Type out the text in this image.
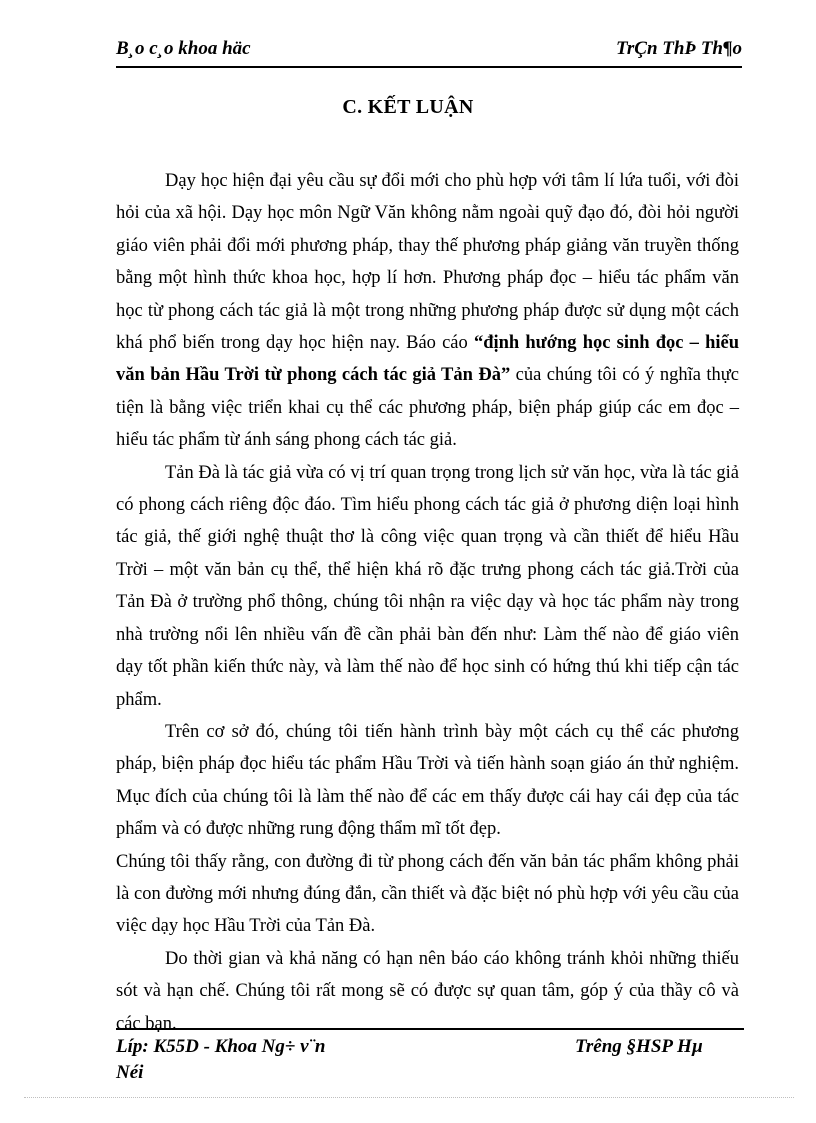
B¸o c¸o khoa häc	TrÇn ThÞ Th¶o
C. KẾT LUẬN

Dạy học hiện đại yêu cầu sự đổi mới cho phù hợp với tâm lí lứa tuổi, với đòi hỏi của xã hội. Dạy học môn Ngữ Văn không nằm ngoài quỹ đạo đó, đòi hỏi người giáo viên phải đổi mới phương pháp, thay thế phương pháp giảng văn truyền thống bằng một hình thức khoa học, hợp lí hơn. Phương pháp đọc – hiểu tác phẩm văn học từ phong cách tác giả là một trong những phương pháp được sử dụng một cách khá phổ biến trong dạy học hiện nay. Báo cáo “định hướng học sinh đọc – hiểu văn bản Hầu Trời từ phong cách tác giả Tản Đà” của chúng tôi có ý nghĩa thực tiện là bằng việc triển khai cụ thể các phương pháp, biện pháp giúp các em đọc – hiểu tác phẩm từ ánh sáng phong cách tác giả.

Tản Đà là tác giả vừa có vị trí quan trọng trong lịch sử văn học, vừa là tác giả có phong cách riêng độc đáo. Tìm hiểu phong cách tác giả ở phương diện loại hình tác giả, thế giới nghệ thuật thơ là công việc quan trọng và cần thiết để hiểu Hầu Trời – một văn bản cụ thể, thể hiện khá rõ đặc trưng phong cách tác giả.Trời của Tản Đà ở trường phổ thông, chúng tôi nhận ra việc dạy và học tác phẩm này trong nhà trường nổi lên nhiều vấn đề cần phải bàn đến như: Làm thế nào để giáo viên dạy tốt phần kiến thức này, và làm thế nào để học sinh có hứng thú khi tiếp cận tác phẩm.

Trên cơ sở đó, chúng tôi tiến hành trình bày một cách cụ thể các phương pháp, biện pháp đọc hiểu tác phẩm Hầu Trời và tiến hành soạn giáo án thử nghiệm. Mục đích của chúng tôi là làm thế nào để các em thấy được cái hay cái đẹp của tác phẩm và có được những rung động thẩm mĩ tốt đẹp.

Chúng tôi thấy rằng, con đường đi từ phong cách đến văn bản tác phẩm không phải là con đường mới nhưng đúng đắn, cần thiết và đặc biệt nó phù hợp với yêu cầu của việc dạy học Hầu Trời của Tản Đà.

Do thời gian và khả năng có hạn nên báo cáo không tránh khỏi những thiếu sót và hạn chế. Chúng tôi rất mong sẽ có được sự quan tâm, góp ý của thầy cô và các bạn.

Líp: K55D - Khoa Ng÷ v¨n
Néi
Trêng §HSP Hµ
